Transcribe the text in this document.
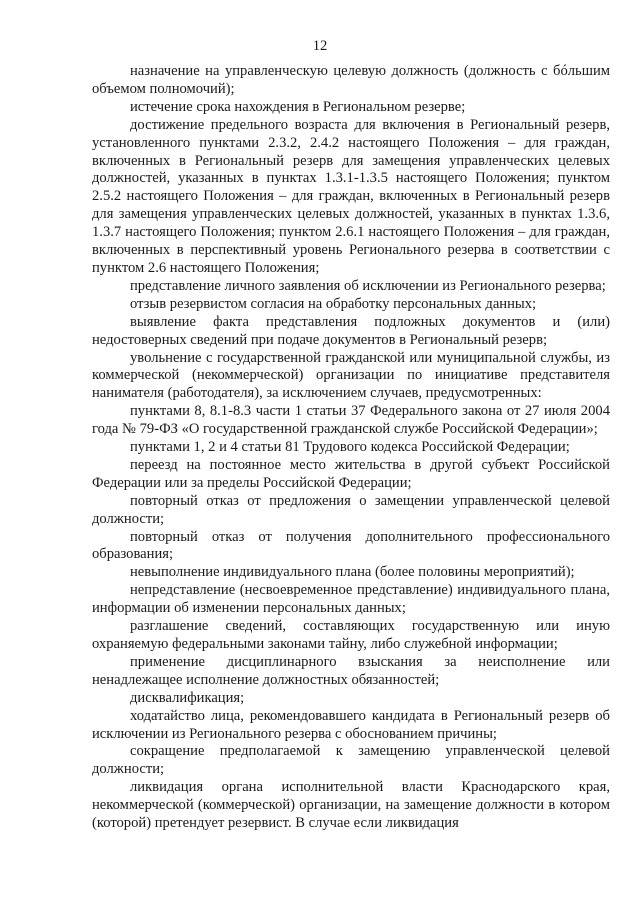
12

назначение на управленческую целевую должность (должность с бóльшим объемом полномочий);

истечение срока нахождения в Региональном резерве;

достижение предельного возраста для включения в Региональный резерв, установленного пунктами 2.3.2, 2.4.2 настоящего Положения – для граждан, включенных в Региональный резерв для замещения управленческих целевых должностей, указанных в пунктах 1.3.1-1.3.5 настоящего Положения; пунктом 2.5.2 настоящего Положения – для граждан, включенных в Региональный резерв для замещения управленческих целевых должностей, указанных в пунктах 1.3.6, 1.3.7 настоящего Положения; пунктом 2.6.1 настоящего Положения – для граждан, включенных в перспективный уровень Регионального резерва в соответствии с пунктом 2.6 настоящего Положения;

представление личного заявления об исключении из Регионального резерва;

отзыв резервистом согласия на обработку персональных данных;

выявление факта представления подложных документов и (или) недостоверных сведений при подаче документов в Региональный резерв;

увольнение с государственной гражданской или муниципальной службы, из коммерческой (некоммерческой) организации по инициативе представителя нанимателя (работодателя), за исключением случаев, предусмотренных:

пунктами 8, 8.1-8.3 части 1 статьи 37 Федерального закона от 27 июля 2004 года № 79-ФЗ «О государственной гражданской службе Российской Федерации»;

пунктами 1, 2 и 4 статьи 81 Трудового кодекса Российской Федерации;

переезд на постоянное место жительства в другой субъект Российской Федерации или за пределы Российской Федерации;

повторный отказ от предложения о замещении управленческой целевой должности;

повторный отказ от получения дополнительного профессионального образования;

невыполнение индивидуального плана (более половины мероприятий);

непредставление (несвоевременное представление) индивидуального плана, информации об изменении персональных данных;

разглашение сведений, составляющих государственную или иную охраняемую федеральными законами тайну, либо служебной информации;

применение дисциплинарного взыскания за неисполнение или ненадлежащее исполнение должностных обязанностей;

дисквалификация;

ходатайство лица, рекомендовавшего кандидата в Региональный резерв об исключении из Регионального резерва с обоснованием причины;

сокращение предполагаемой к замещению управленческой целевой должности;

ликвидация органа исполнительной власти Краснодарского края, некоммерческой (коммерческой) организации, на замещение должности в котором (которой) претендует резервист. В случае если ликвидация
